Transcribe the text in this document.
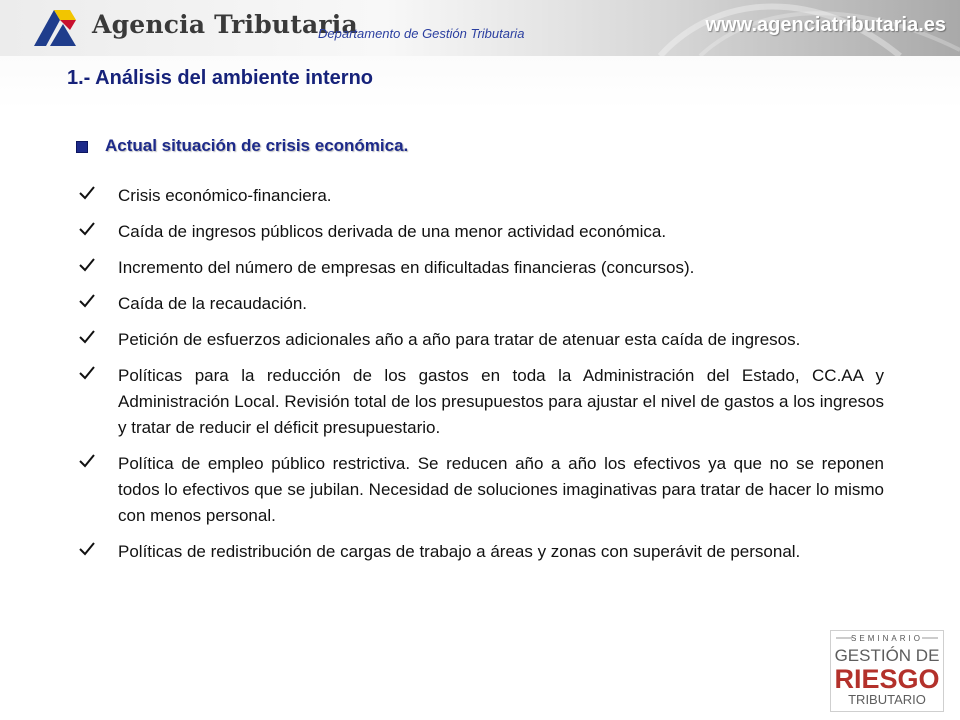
Agencia Tributaria
Departamento de Gestión Tributaria	www.agenciatributaria.es
1.- Análisis del ambiente interno
Actual situación de crisis económica.
Crisis económico-financiera.
Caída de ingresos públicos derivada de una menor actividad económica.
Incremento del número de empresas en dificultadas financieras (concursos).
Caída de la recaudación.
Petición de esfuerzos adicionales año a año para tratar de atenuar esta caída de ingresos.
Políticas para la reducción de los gastos en toda la Administración del Estado, CC.AA y Administración Local. Revisión total de los presupuestos para ajustar el nivel de gastos a los ingresos y tratar de reducir el déficit presupuestario.
Política de empleo público restrictiva. Se reducen año a año los efectivos ya que no se reponen todos lo efectivos que se jubilan. Necesidad de soluciones imaginativas para tratar de hacer lo mismo con menos personal.
Políticas de redistribución de cargas de trabajo a áreas y zonas con superávit de personal.
SEMINARIO
GESTIÓN DE
RIESGO
TRIBUTARIO
